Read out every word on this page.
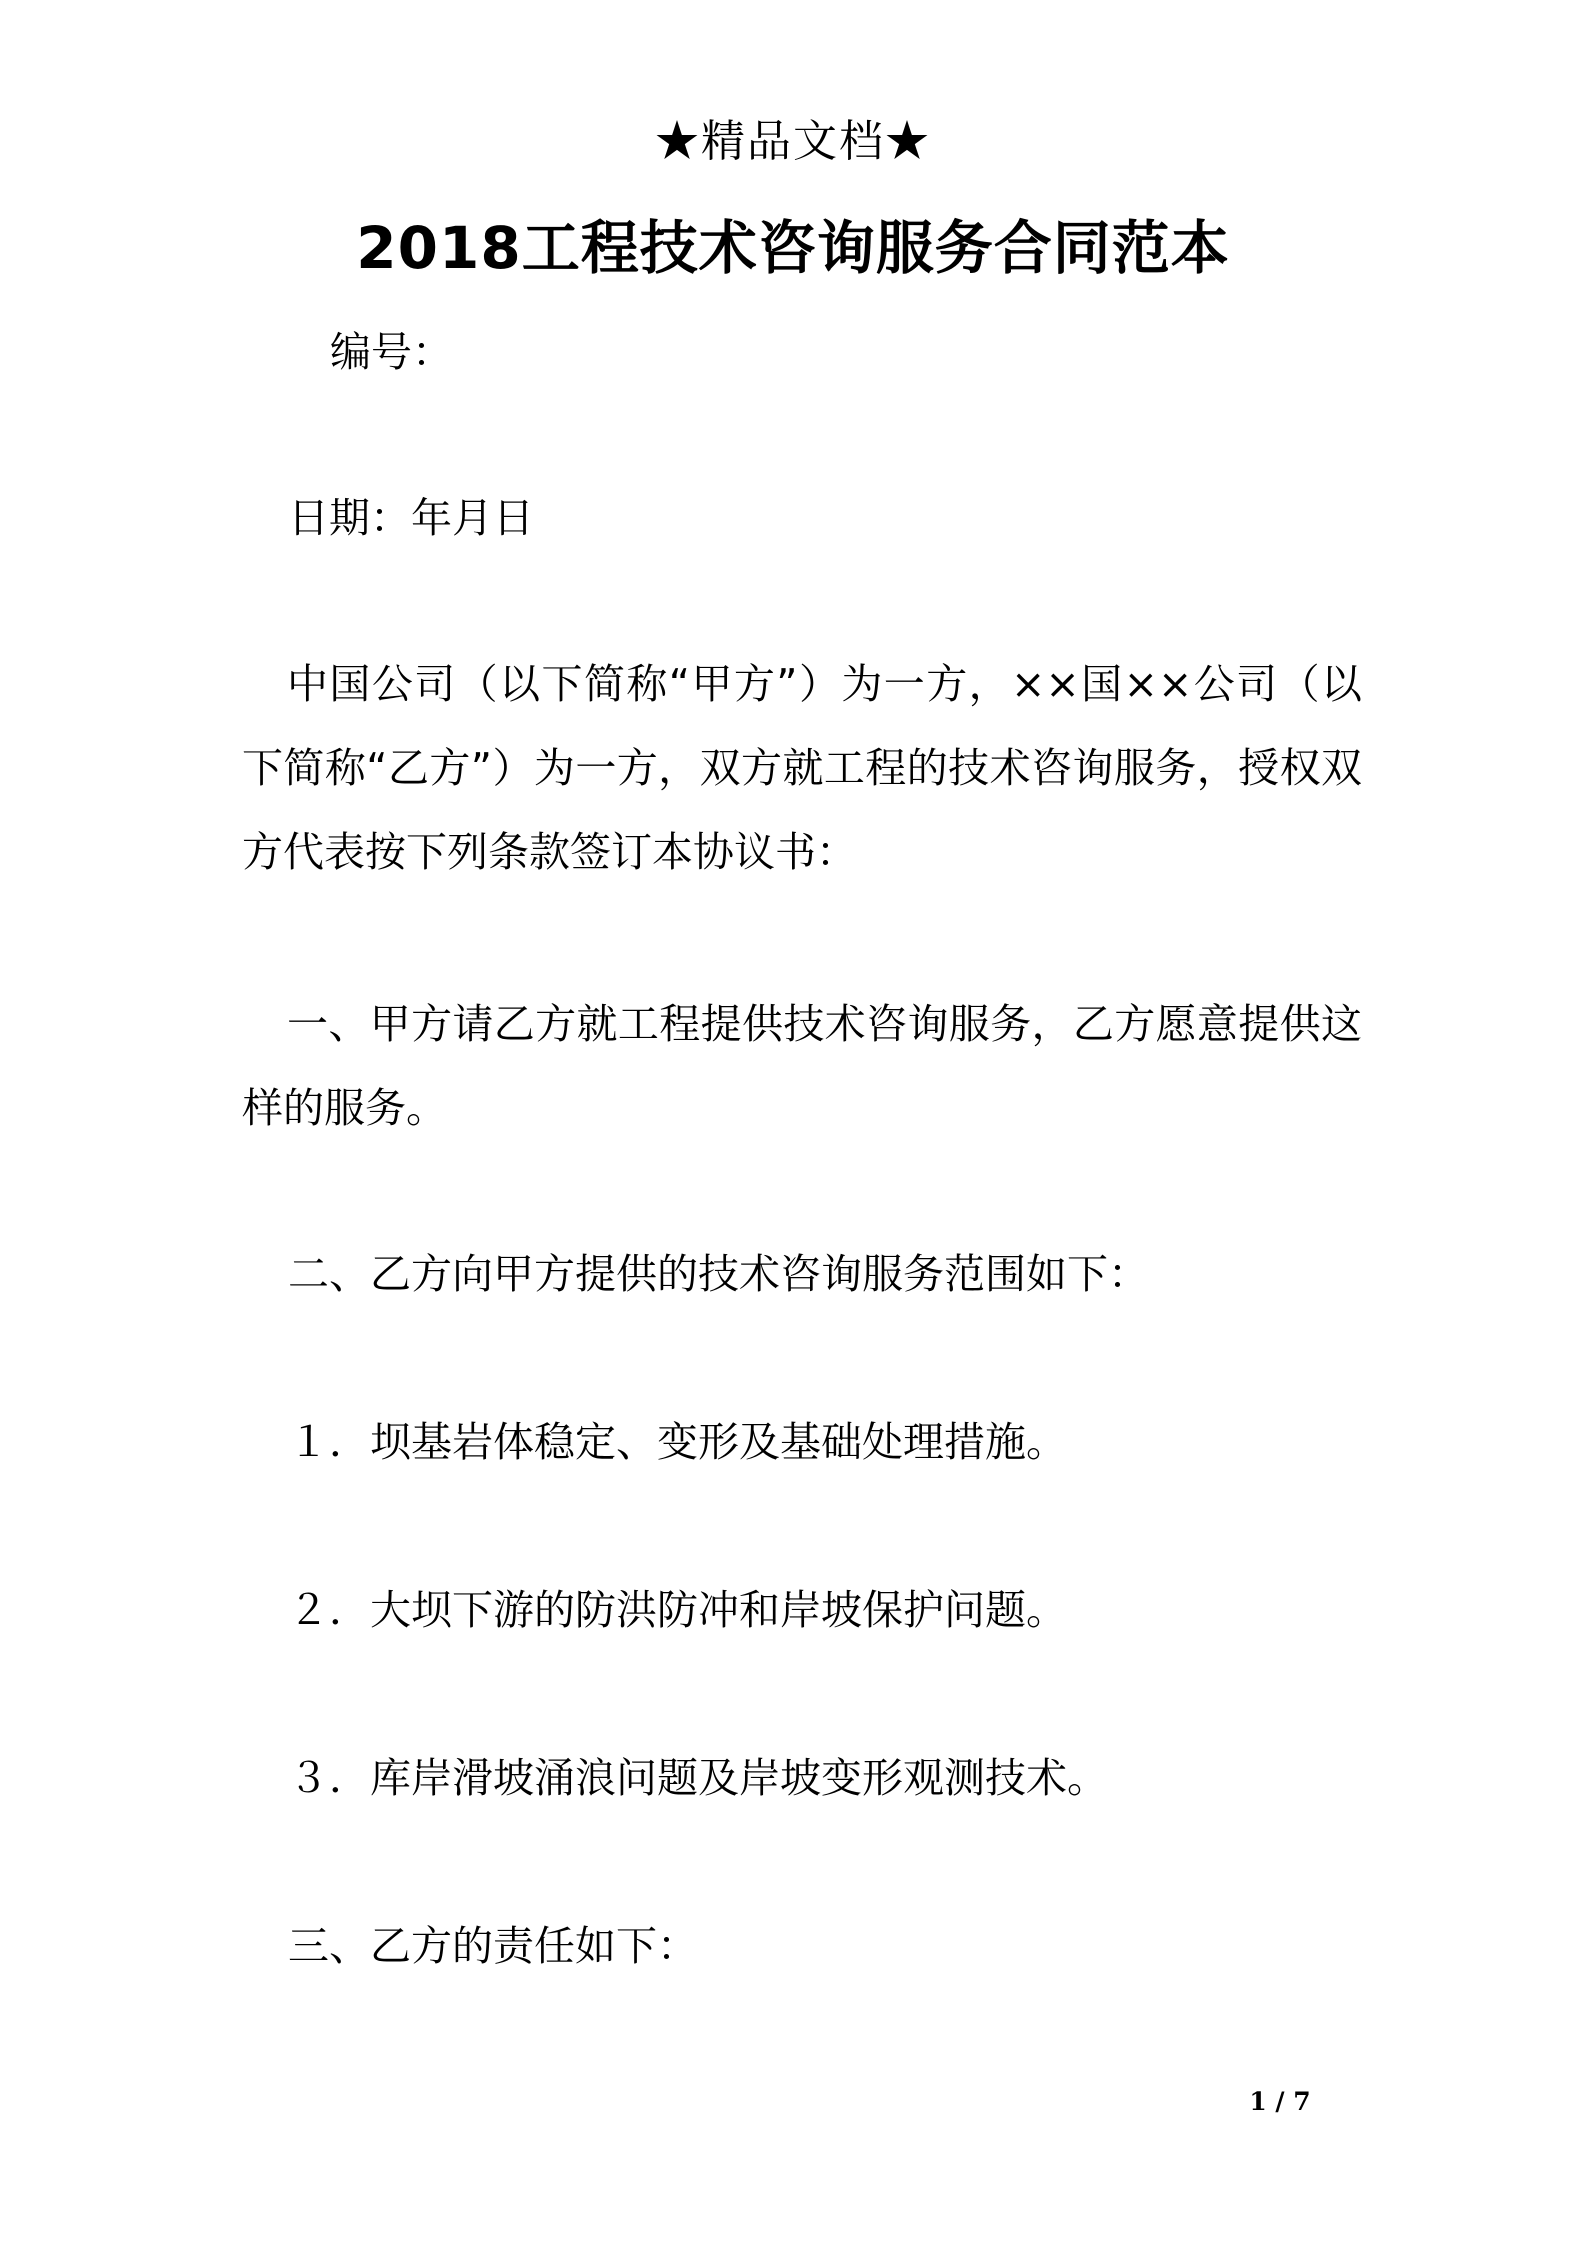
★精品文档★
2018工程技术咨询服务合同范本
编号：
日期：年月日

中国公司（以下简称“甲方”）为一方，××国××公司（以下简称“乙方”）为一方，双方就工程的技术咨询服务，授权双方代表按下列条款签订本协议书：

一、甲方请乙方就工程提供技术咨询服务，乙方愿意提供这样的服务。

二、乙方向甲方提供的技术咨询服务范围如下：
１．坝基岩体稳定、变形及基础处理措施。
２．大坝下游的防洪防冲和岸坡保护问题。
３．库岸滑坡涌浪问题及岸坡变形观测技术。
三、乙方的责任如下：
1 / 7
